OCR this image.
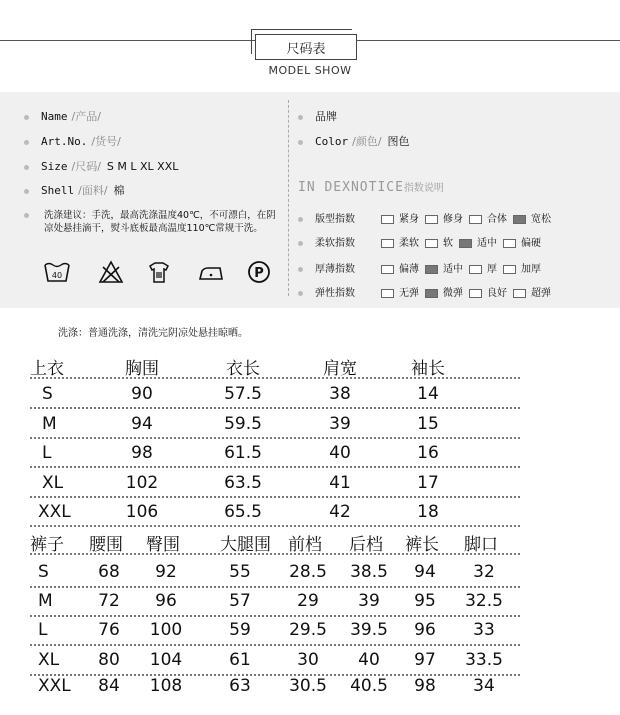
尺码表
MODEL SHOW
Name /产品/
Art.No. /货号/
Size /尺码/ S M L XL XXL
Shell /面料/ 棉
洗涤建议：手洗，最高洗涤温度40℃，不可漂白，在阴凉处悬挂滴干，熨斗底板最高温度110℃常规干洗。
40	P
品牌
Color /颜色/ 图色
IN DEXNOTICE指数说明
版型指数	紧身 修身 合体 宽松
柔软指数	柔软 软 适中 偏硬
厚薄指数	偏薄 适中 厚 加厚
弹性指数	无弹 微弹 良好 超弹
洗涤：普通洗涤，清洗完阴凉处悬挂晾晒。
上衣	胸围	衣长	肩宽	袖长
S	90	57.5	38	14
M	94	59.5	39	15
L	98	61.5	40	16
XL	102	63.5	41	17
XXL	106	65.5	42	18
裤子 腰围 臀围 大腿围 前档 后档 裤长 脚口
S	68 92	55 28.5 38.5 94 32
M	72 96	57	29 39 95 32.5
L	76 100	59 29.5 39.5 96 33
XL 80 104	61	30 40 97 33.5
XXL 84 108	63 30.5 40.5 98 34
